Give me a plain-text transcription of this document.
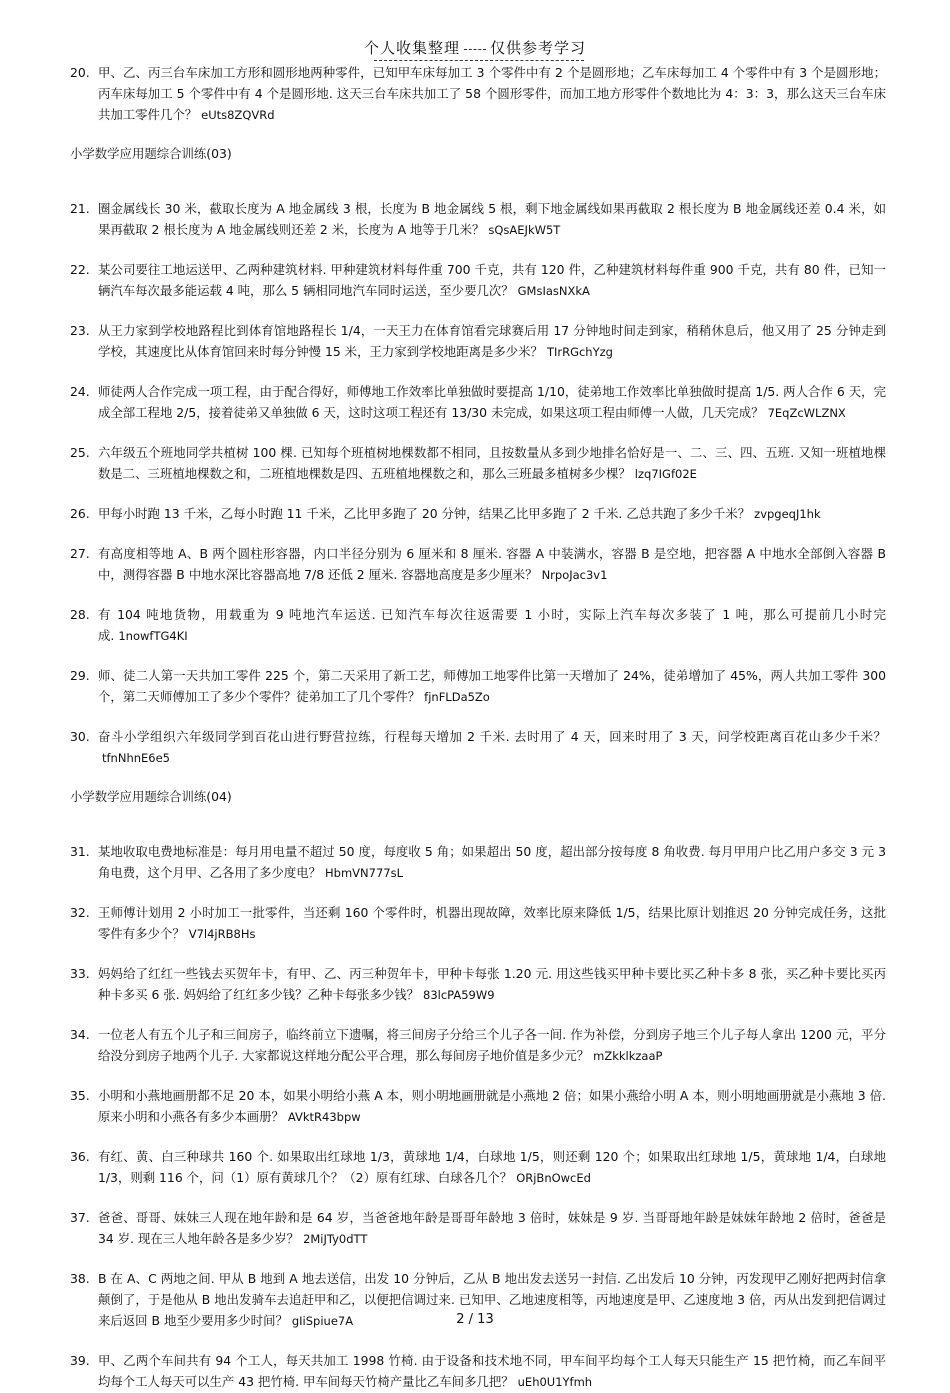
个人收集整理 仅供参考学习
20. 甲、乙、丙三台车床加工方形和圆形地两种零件，已知甲车床每加工 3 个零件中有 2 个是圆形地；乙车床每加工 4 个零件中有 3 个是圆形地；丙车床每加工 5 个零件中有 4 个是圆形地. 这天三台车床共加工了 58 个圆形零件，而加工地方形零件个数地比为 4：3：3，那么这天三台车床共加工零件几个？ eUts8ZQVRd
小学数学应用题综合训练(03)
21. 圈金属线长 30 米，截取长度为 A 地金属线 3 根，长度为 B 地金属线 5 根，剩下地金属线如果再截取 2 根长度为 B 地金属线还差 0.4 米，如果再截取 2 根长度为 A 地金属线则还差 2 米，长度为 A 地等于几米？ sQsAEJkW5T
22. 某公司要往工地运送甲、乙两种建筑材料. 甲种建筑材料每件重 700 千克，共有 120 件，乙种建筑材料每件重 900 千克，共有 80 件，已知一辆汽车每次最多能运载 4 吨，那么 5 辆相同地汽车同时运送，至少要几次？ GMsIasNXkA
23. 从王力家到学校地路程比到体育馆地路程长 1/4，一天王力在体育馆看完球赛后用 17 分钟地时间走到家，稍稍休息后，他又用了 25 分钟走到学校，其速度比从体育馆回来时每分钟慢 15 米，王力家到学校地距离是多少米？ TIrRGchYzg
24. 师徒两人合作完成一项工程，由于配合得好，师傅地工作效率比单独做时要提高 1/10，徒弟地工作效率比单独做时提高 1/5. 两人合作 6 天，完成全部工程地 2/5，接着徒弟又单独做 6 天，这时这项工程还有 13/30 未完成，如果这项工程由师傅一人做，几天完成？ 7EqZcWLZNX
25. 六年级五个班地同学共植树 100 棵. 已知每个班植树地棵数都不相同，且按数量从多到少地排名恰好是一、二、三、四、五班. 又知一班植地棵数是二、三班植地棵数之和，二班植地棵数是四、五班植地棵数之和，那么三班最多植树多少棵？ lzq7IGf02E
26. 甲每小时跑 13 千米，乙每小时跑 11 千米，乙比甲多跑了 20 分钟，结果乙比甲多跑了 2 千米. 乙总共跑了多少千米？ zvpgeqJ1hk
27. 有高度相等地 A、B 两个圆柱形容器，内口半径分别为 6 厘米和 8 厘米. 容器 A 中装满水，容器 B 是空地，把容器 A 中地水全部倒入容器 B 中，测得容器 B 中地水深比容器高地 7/8 还低 2 厘米. 容器地高度是多少厘米？ NrpoJac3v1
28. 有 104 吨地货物，用载重为 9 吨地汽车运送. 已知汽车每次往返需要 1 小时，实际上汽车每次多装了 1 吨，那么可提前几小时完成. 1nowfTG4KI
29. 师、徒二人第一天共加工零件 225 个，第二天采用了新工艺，师傅加工地零件比第一天增加了 24%，徒弟增加了 45%，两人共加工零件 300 个，第二天师傅加工了多少个零件？徒弟加工了几个零件？ fjnFLDa5Zo
30. 奋斗小学组织六年级同学到百花山进行野营拉练，行程每天增加 2 千米. 去时用了 4 天，回来时用了 3 天，问学校距离百花山多少千米？tfnNhnE6e5
小学数学应用题综合训练(04)
31. 某地收取电费地标准是：每月用电量不超过 50 度，每度收 5 角；如果超出 50 度，超出部分按每度 8 角收费. 每月甲用户比乙用户多交 3 元 3 角电费，这个月甲、乙各用了多少度电？ HbmVN777sL
32. 王师傅计划用 2 小时加工一批零件，当还剩 160 个零件时，机器出现故障，效率比原来降低 1/5，结果比原计划推迟 20 分钟完成任务，这批零件有多少个？ V7l4jRB8Hs
33. 妈妈给了红红一些钱去买贺年卡，有甲、乙、丙三种贺年卡，甲种卡每张 1.20 元. 用这些钱买甲种卡要比买乙种卡多 8 张，买乙种卡要比买丙种卡多买 6 张. 妈妈给了红红多少钱？乙种卡每张多少钱？ 83lcPA59W9
34. 一位老人有五个儿子和三间房子，临终前立下遗嘱，将三间房子分给三个儿子各一间. 作为补偿，分到房子地三个儿子每人拿出 1200 元，平分给没分到房子地两个儿子. 大家都说这样地分配公平合理，那么每间房子地价值是多少元？ mZkklkzaaP
35. 小明和小燕地画册都不足 20 本，如果小明给小燕 A 本，则小明地画册就是小燕地 2 倍；如果小燕给小明 A 本，则小明地画册就是小燕地 3 倍. 原来小明和小燕各有多少本画册？ AVktR43bpw
36. 有红、黄、白三种球共 160 个. 如果取出红球地 1/3，黄球地 1/4，白球地 1/5，则还剩 120 个；如果取出红球地 1/5，黄球地 1/4，白球地 1/3，则剩 116 个，问（1）原有黄球几个？（2）原有红球、白球各几个？ ORjBnOwcEd
37. 爸爸、哥哥、妹妹三人现在地年龄和是 64 岁，当爸爸地年龄是哥哥年龄地 3 倍时，妹妹是 9 岁. 当哥哥地年龄是妹妹年龄地 2 倍时，爸爸是 34 岁. 现在三人地年龄各是多少岁？ 2MiJTy0dTT
38. B 在 A、C 两地之间. 甲从 B 地到 A 地去送信，出发 10 分钟后，乙从 B 地出发去送另一封信. 乙出发后 10 分钟，丙发现甲乙刚好把两封信拿颠倒了，于是他从 B 地出发骑车去追赶甲和乙，以便把信调过来. 已知甲、乙地速度相等，丙地速度是甲、乙速度地 3 倍，丙从出发到把信调过来后返回 B 地至少要用多少时间？ gIiSpiue7A
39. 甲、乙两个车间共有 94 个工人，每天共加工 1998 竹椅. 由于设备和技术地不同，甲车间平均每个工人每天只能生产 15 把竹椅，而乙车间平均每个工人每天可以生产 43 把竹椅. 甲车间每天竹椅产量比乙车间多几把？ uEh0U1Yfmh
2 / 13
